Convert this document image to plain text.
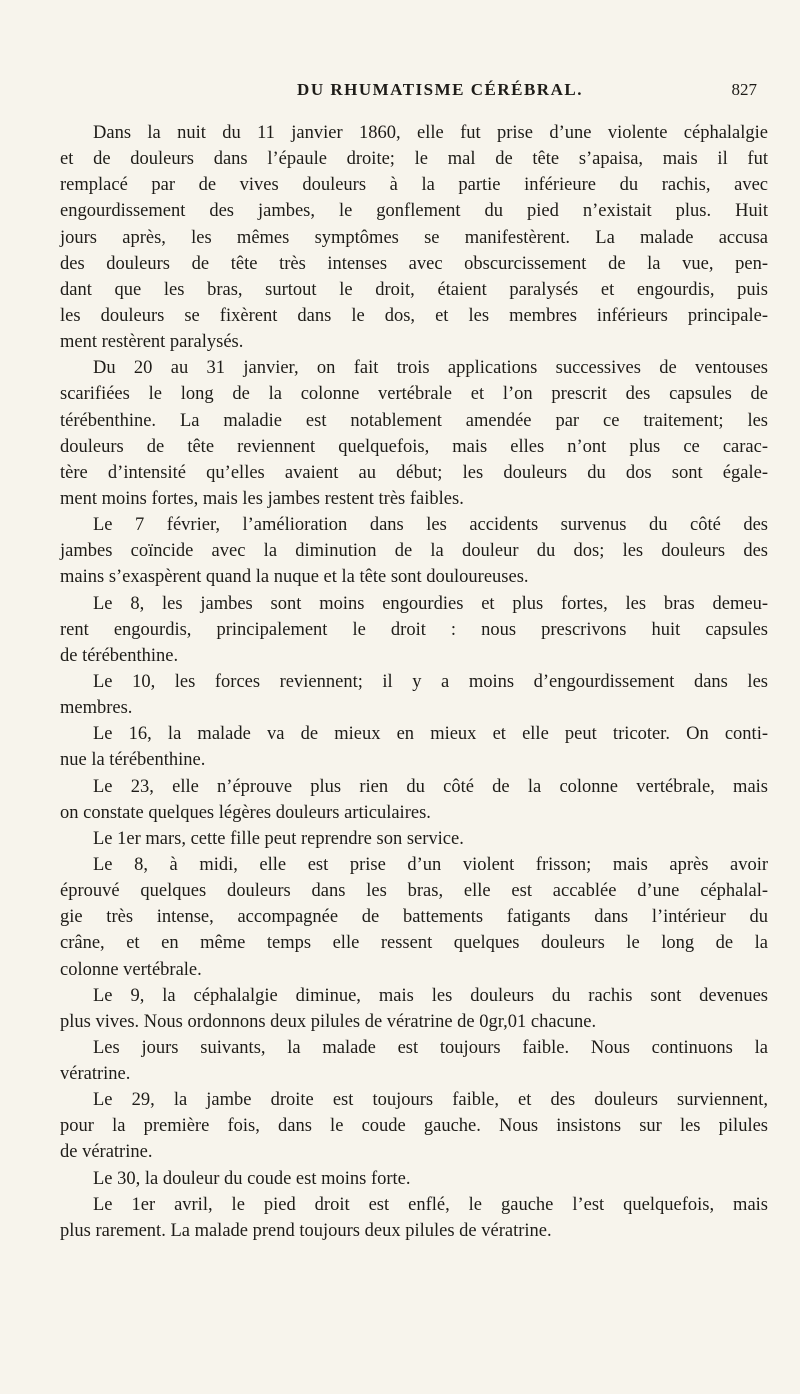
DU RHUMATISME CÉRÉBRAL.	827
Dans la nuit du 11 janvier 1860, elle fut prise d’une violente céphalalgie
et de douleurs dans l’épaule droite; le mal de tête s’apaisa, mais il fut
remplacé par de vives douleurs à la partie inférieure du rachis, avec
engourdissement des jambes, le gonflement du pied n’existait plus. Huit
jours après, les mêmes symptômes se manifestèrent. La malade accusa
des douleurs de tête très intenses avec obscurcissement de la vue, pen-
dant que les bras, surtout le droit, étaient paralysés et engourdis, puis
les douleurs se fixèrent dans le dos, et les membres inférieurs principale-
ment restèrent paralysés.
Du 20 au 31 janvier, on fait trois applications successives de ventouses
scarifiées le long de la colonne vertébrale et l’on prescrit des capsules de
térébenthine. La maladie est notablement amendée par ce traitement; les
douleurs de tête reviennent quelquefois, mais elles n’ont plus ce carac-
tère d’intensité qu’elles avaient au début; les douleurs du dos sont égale-
ment moins fortes, mais les jambes restent très faibles.
Le 7 février, l’amélioration dans les accidents survenus du côté des
jambes coïncide avec la diminution de la douleur du dos; les douleurs des
mains s’exaspèrent quand la nuque et la tête sont douloureuses.
Le 8, les jambes sont moins engourdies et plus fortes, les bras demeu-
rent engourdis, principalement le droit : nous prescrivons huit capsules
de térébenthine.
Le 10, les forces reviennent; il y a moins d’engourdissement dans les
membres.
Le 16, la malade va de mieux en mieux et elle peut tricoter. On conti-
nue la térébenthine.
Le 23, elle n’éprouve plus rien du côté de la colonne vertébrale, mais
on constate quelques légères douleurs articulaires.
Le 1er mars, cette fille peut reprendre son service.
Le 8, à midi, elle est prise d’un violent frisson; mais après avoir
éprouvé quelques douleurs dans les bras, elle est accablée d’une céphalal-
gie très intense, accompagnée de battements fatigants dans l’intérieur du
crâne, et en même temps elle ressent quelques douleurs le long de la
colonne vertébrale.
Le 9, la céphalalgie diminue, mais les douleurs du rachis sont devenues
plus vives. Nous ordonnons deux pilules de vératrine de 0gr,01 chacune.
Les jours suivants, la malade est toujours faible. Nous continuons la
vératrine.
Le 29, la jambe droite est toujours faible, et des douleurs surviennent,
pour la première fois, dans le coude gauche. Nous insistons sur les pilules
de vératrine.
Le 30, la douleur du coude est moins forte.
Le 1er avril, le pied droit est enflé, le gauche l’est quelquefois, mais
plus rarement. La malade prend toujours deux pilules de vératrine.
